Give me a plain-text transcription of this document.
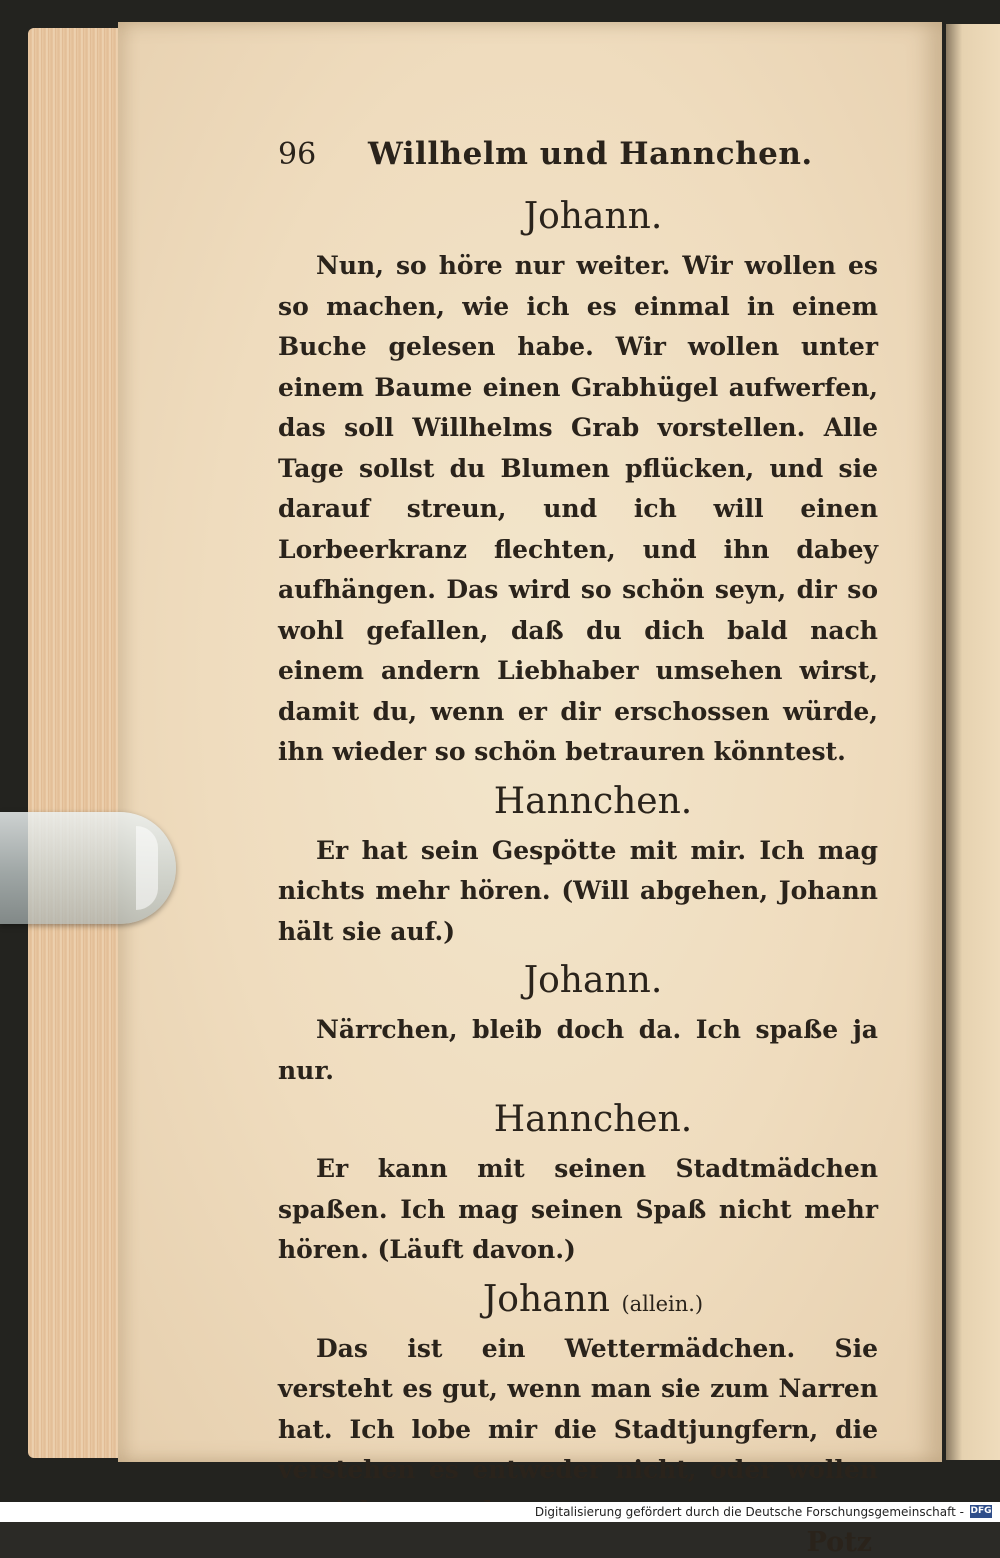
96	Willhelm und Hannchen.
Johann.

Nun, so höre nur weiter. Wir wollen es so machen, wie ich es einmal in einem Buche gelesen habe. Wir wollen unter einem Baume einen Grabhügel aufwerfen, das soll Willhelms Grab vorstellen. Alle Tage sollst du Blumen pflücken, und sie darauf streun, und ich will einen Lorbeerkranz flechten, und ihn dabey aufhängen. Das wird so schön seyn, dir so wohl gefallen, daß du dich bald nach einem andern Liebhaber umsehen wirst, damit du, wenn er dir erschossen würde, ihn wieder so schön betrauren könntest.

Hannchen.

Er hat sein Gespötte mit mir. Ich mag nichts mehr hören. (Will abgehen, Johann hält sie auf.)

Johann.

Närrchen, bleib doch da. Ich spaße ja nur.

Hannchen.

Er kann mit seinen Stadtmädchen spaßen. Ich mag seinen Spaß nicht mehr hören. (Läuft davon.)

Johann (allein.)

Das ist ein Wettermädchen. Sie versteht es gut, wenn man sie zum Narren hat. Ich lobe mir die Stadtjungfern, die verstehen es entweder nicht, oder wollen

Potz
Digitalisierung gefördert durch die Deutsche Forschungsgemeinschaft - DFG
